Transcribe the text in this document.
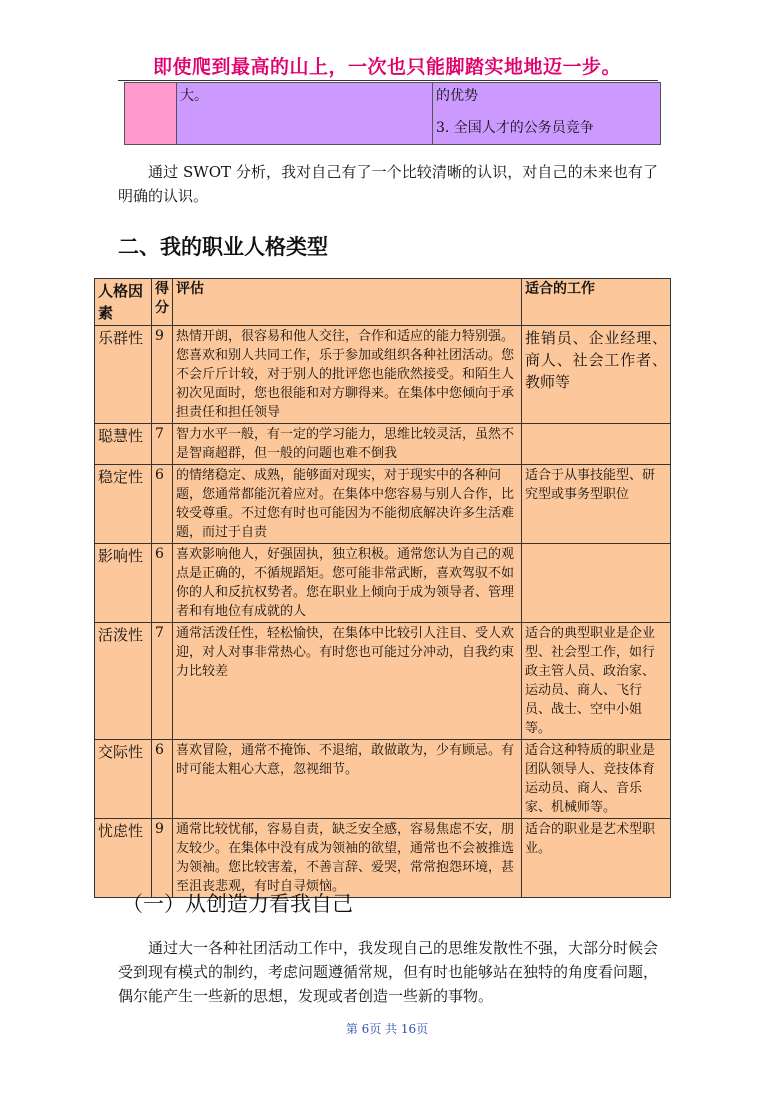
即使爬到最高的山上，一次也只能脚踏实地地迈一步。
	大。	的优势
3. 全国人才的公务员竞争
通过 SWOT 分析，我对自己有了一个比较清晰的认识，对自己的未来也有了明确的认识。
二、我的职业人格类型
人格因素	得分	评估	适合的工作
乐群性	9	热情开朗，很容易和他人交往，合作和适应的能力特别强。您喜欢和别人共同工作，乐于参加或组织各种社团活动。您不会斤斤计较，对于别人的批评您也能欣然接受。和陌生人初次见面时，您也很能和对方聊得来。在集体中您倾向于承担责任和担任领导	推销员、企业经理、商人、社会工作者、教师等
聪慧性	7	智力水平一般，有一定的学习能力，思维比较灵活，虽然不是智商超群，但一般的问题也难不倒我	
稳定性	6	的情绪稳定、成熟，能够面对现实，对于现实中的各种问题，您通常都能沉着应对。在集体中您容易与别人合作，比较受尊重。不过您有时也可能因为不能彻底解决许多生活难题，而过于自责	适合于从事技能型、研究型或事务型职位
影响性	6	喜欢影响他人，好强固执，独立积极。通常您认为自己的观点是正确的，不循规蹈矩。您可能非常武断，喜欢驾驭不如你的人和反抗权势者。您在职业上倾向于成为领导者、管理者和有地位有成就的人	
活泼性	7	通常活泼任性，轻松愉快，在集体中比较引人注目、受人欢迎，对人对事非常热心。有时您也可能过分冲动，自我约束力比较差	适合的典型职业是企业型、社会型工作，如行政主管人员、政治家、运动员、商人、飞行员、战士、空中小姐等。
交际性	6	喜欢冒险，通常不掩饰、不退缩，敢做敢为，少有顾忌。有时可能太粗心大意，忽视细节。	适合这种特质的职业是团队领导人、竞技体育运动员、商人、音乐家、机械师等。
忧虑性	9	通常比较忧郁，容易自责，缺乏安全感，容易焦虑不安，朋友较少。在集体中没有成为领袖的欲望，通常也不会被推选为领袖。您比较害羞，不善言辞、爱哭，常常抱怨环境，甚至沮丧悲观，有时自寻烦恼。	适合的职业是艺术型职业。
（一）从创造力看我自己
通过大一各种社团活动工作中，我发现自己的思维发散性不强，大部分时候会受到现有模式的制约，考虑问题遵循常规，但有时也能够站在独特的角度看问题，偶尔能产生一些新的思想，发现或者创造一些新的事物。
第 6页 共 16页
